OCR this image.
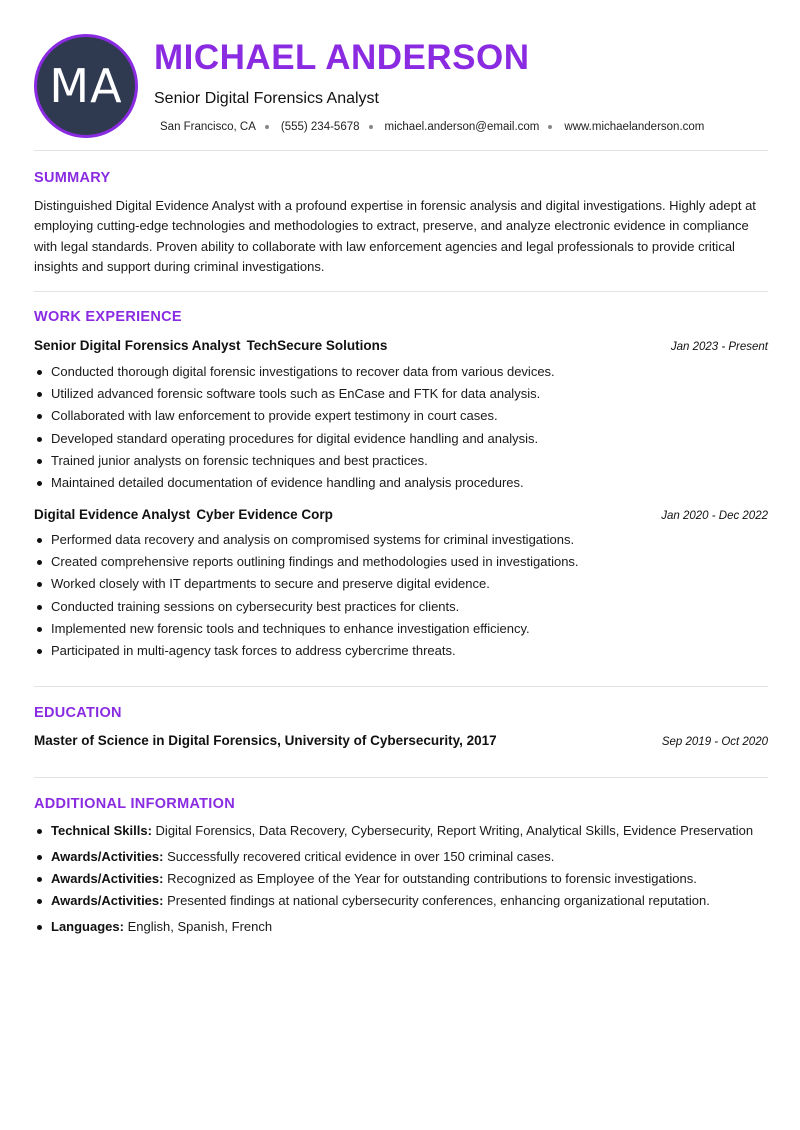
MA
MICHAEL ANDERSON
Senior Digital Forensics Analyst
San Francisco, CA (555) 234-5678 michael.anderson@email.com www.michaelanderson.com
SUMMARY
Distinguished Digital Evidence Analyst with a profound expertise in forensic analysis and digital investigations. Highly adept at employing cutting-edge technologies and methodologies to extract, preserve, and analyze electronic evidence in compliance with legal standards. Proven ability to collaborate with law enforcement agencies and legal professionals to provide critical insights and support during criminal investigations.
WORK EXPERIENCE
Senior Digital Forensics Analyst TechSecure Solutions	Jan 2023 - Present
Conducted thorough digital forensic investigations to recover data from various devices.
Utilized advanced forensic software tools such as EnCase and FTK for data analysis.
Collaborated with law enforcement to provide expert testimony in court cases.
Developed standard operating procedures for digital evidence handling and analysis.
Trained junior analysts on forensic techniques and best practices.
Maintained detailed documentation of evidence handling and analysis procedures.
Digital Evidence Analyst Cyber Evidence Corp	Jan 2020 - Dec 2022
Performed data recovery and analysis on compromised systems for criminal investigations.
Created comprehensive reports outlining findings and methodologies used in investigations.
Worked closely with IT departments to secure and preserve digital evidence.
Conducted training sessions on cybersecurity best practices for clients.
Implemented new forensic tools and techniques to enhance investigation efficiency.
Participated in multi-agency task forces to address cybercrime threats.
EDUCATION
Master of Science in Digital Forensics, University of Cybersecurity, 2017	Sep 2019 - Oct 2020
ADDITIONAL INFORMATION
Technical Skills: Digital Forensics, Data Recovery, Cybersecurity, Report Writing, Analytical Skills, Evidence Preservation
Awards/Activities: Successfully recovered critical evidence in over 150 criminal cases.
Awards/Activities: Recognized as Employee of the Year for outstanding contributions to forensic investigations.
Awards/Activities: Presented findings at national cybersecurity conferences, enhancing organizational reputation.
Languages: English, Spanish, French
